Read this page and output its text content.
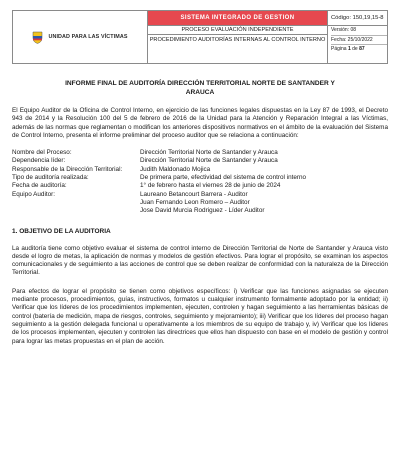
UNIDAD PARA LAS VÍCTIMAS
SISTEMA INTEGRADO DE GESTION
PROCESO EVALUACIÓN INDEPENDIENTE
PROCEDIMIENTO AUDITORÍAS INTERNAS AL CONTROL INTERNO
Código: 150,19,15-8
Versión: 08
Fecha: 25/10/2022
Página 1 de 87
INFORME FINAL DE AUDITORÍA DIRECCIÓN TERRITORIAL NORTE DE SANTANDER Y ARAUCA

El Equipo Auditor de la Oficina de Control Interno, en ejercicio de las funciones legales dispuestas en la Ley 87 de 1993, el Decreto 943 de 2014 y la Resolución 100 del 5 de febrero de 2016 de la Unidad para la Atención y Reparación Integral a las Víctimas, además de las normas que reglamentan o modifican los anteriores dispositivos normativos en el ámbito de la evaluación del Sistema de Control Interno, presenta el informe preliminar del proceso auditor que se relaciona a continuación:

Nombre del Proceso:	Dirección Territorial Norte de Santander y Arauca
Dependencia líder:	Dirección Territorial Norte de Santander y Arauca
Responsable de la Dirección Territorial:	Judith Maldonado Mojica
Tipo de auditoría realizada:	De primera parte, efectividad del sistema de control interno
Fecha de auditoría:	1° de febrero hasta el viernes 28 de junio de 2024
Equipo Auditor:	Laureano Betancourt Barrera - Auditor
Juan Fernando Leon Romero – Auditor
Jose David Murcia Rodriguez - Líder Auditor
1. OBJETIVO DE LA AUDITORIA

La auditoría tiene como objetivo evaluar el sistema de control interno de Dirección Territorial de Norte de Santander y Arauca visto desde el logro de metas, la aplicación de normas y modelos de gestión efectivos. Para lograr el propósito, se examinan los aspectos comunicacionales y de seguimiento a las acciones de control que se deben realizar de conformidad con la naturaleza de la Dirección Territorial.

Para efectos de lograr el propósito se tienen como objetivos específicos: i) Verificar que las funciones asignadas se ejecuten mediante procesos, procedimientos, guías, instructivos, formatos u cualquier instrumento formalmente adoptado por la entidad; ii) Verificar que los líderes de los procedimientos implementen, ejecuten, controlen y hagan seguimiento a las herramientas básicas de control (batería de medición, mapa de riesgos, controles, seguimiento y mejoramiento); iii) Verificar que los líderes del proceso hagan seguimiento a la gestión delegada funcional u operativamente a los miembros de su equipo de trabajo y, iv) Verificar que los líderes de los procesos implementen, ejecuten y controlen las directrices que ellos han dispuesto con base en el modelo de gestión y control para lograr las metas propuestas en el plan de acción.
